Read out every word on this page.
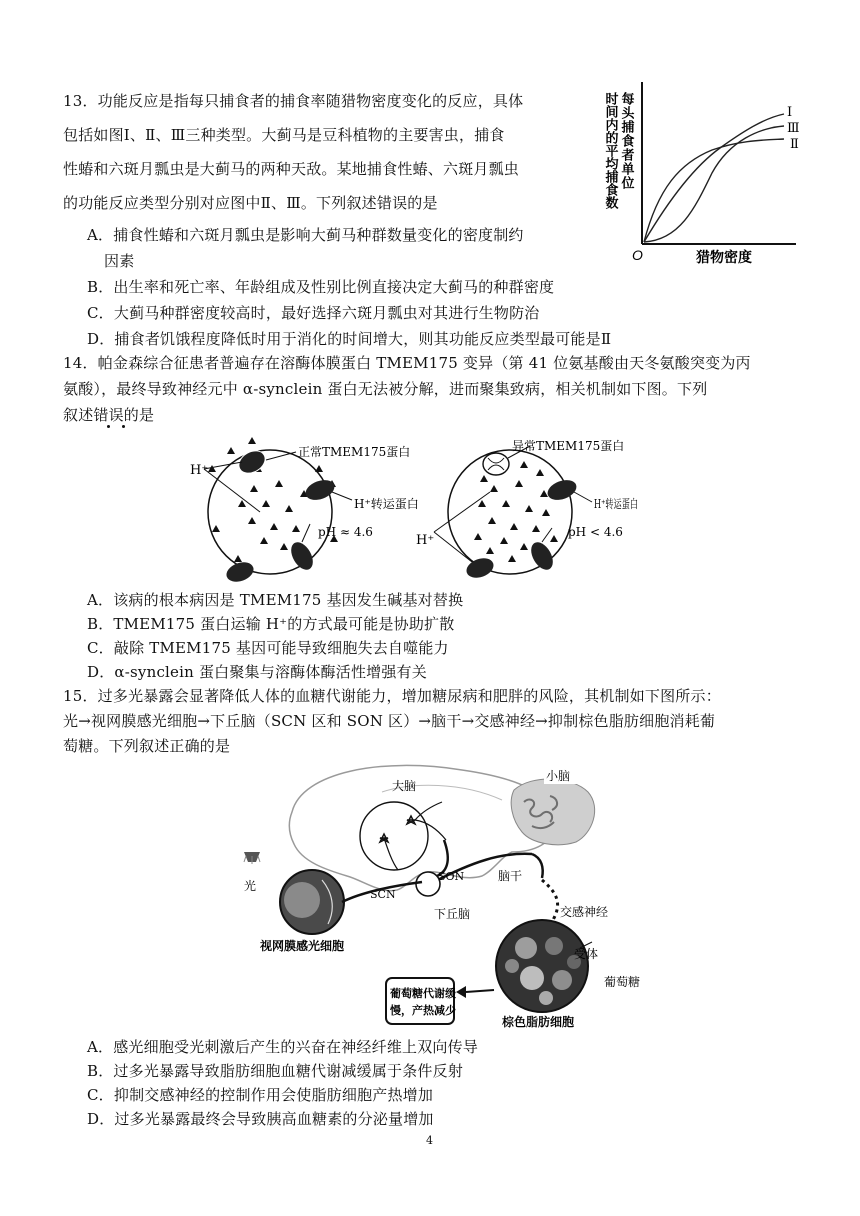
13．功能反应是指每只捕食者的捕食率随猎物密度变化的反应，具体
包括如图Ⅰ、Ⅱ、Ⅲ三种类型。大蓟马是豆科植物的主要害虫，捕食
性蝽和六斑月瓢虫是大蓟马的两种天敌。某地捕食性蝽、六斑月瓢虫
的功能反应类型分别对应图中Ⅱ、Ⅲ。下列叙述错误的是
A．捕食性蝽和六斑月瓢虫是影响大蓟马种群数量变化的密度制约
因素
B．出生率和死亡率、年龄组成及性别比例直接决定大蓟马的种群密度
C．大蓟马种群密度较高时，最好选择六斑月瓢虫对其进行生物防治
D．捕食者饥饿程度降低时用于消化的时间增大，则其功能反应类型最可能是Ⅱ
每头捕食者单位
时间内的平均捕食数
O	猎物密度
Ⅰ
Ⅲ
Ⅱ
14．帕金森综合征患者普遍存在溶酶体膜蛋白 TMEM175 变异（第 41 位氨基酸由天冬氨酸突变为丙
氨酸），最终导致神经元中 α-synclein 蛋白无法被分解，进而聚集致病，相关机制如下图。下列
叙述错误的是
H⁺
正常TMEM175蛋白
H⁺转运蛋白
pH ≈ 4.6
异常TMEM175蛋白
H⁺转运蛋白
pH < 4.6
H⁺
A．该病的根本病因是 TMEM175 基因发生碱基对替换
B．TMEM175 蛋白运输 H⁺的方式最可能是协助扩散
C．敲除 TMEM175 基因可能导致细胞失去自噬能力
D．α-synclein 蛋白聚集与溶酶体酶活性增强有关
15．过多光暴露会显著降低人体的血糖代谢能力，增加糖尿病和肥胖的风险，其机制如下图所示：
光→视网膜感光细胞→下丘脑（SCN 区和 SON 区）→脑干→交感神经→抑制棕色脂肪细胞消耗葡
萄糖。下列叙述正确的是
小脑
大脑
SON
SCN
脑干
下丘脑	交感神经
光
视网膜感光细胞
受体
葡萄糖
棕色脂肪细胞
葡萄糖代谢缓
慢，产热减少
A．感光细胞受光刺激后产生的兴奋在神经纤维上双向传导
B．过多光暴露导致脂肪细胞血糖代谢减缓属于条件反射
C．抑制交感神经的控制作用会使脂肪细胞产热增加
D．过多光暴露最终会导致胰高血糖素的分泌量增加
4
